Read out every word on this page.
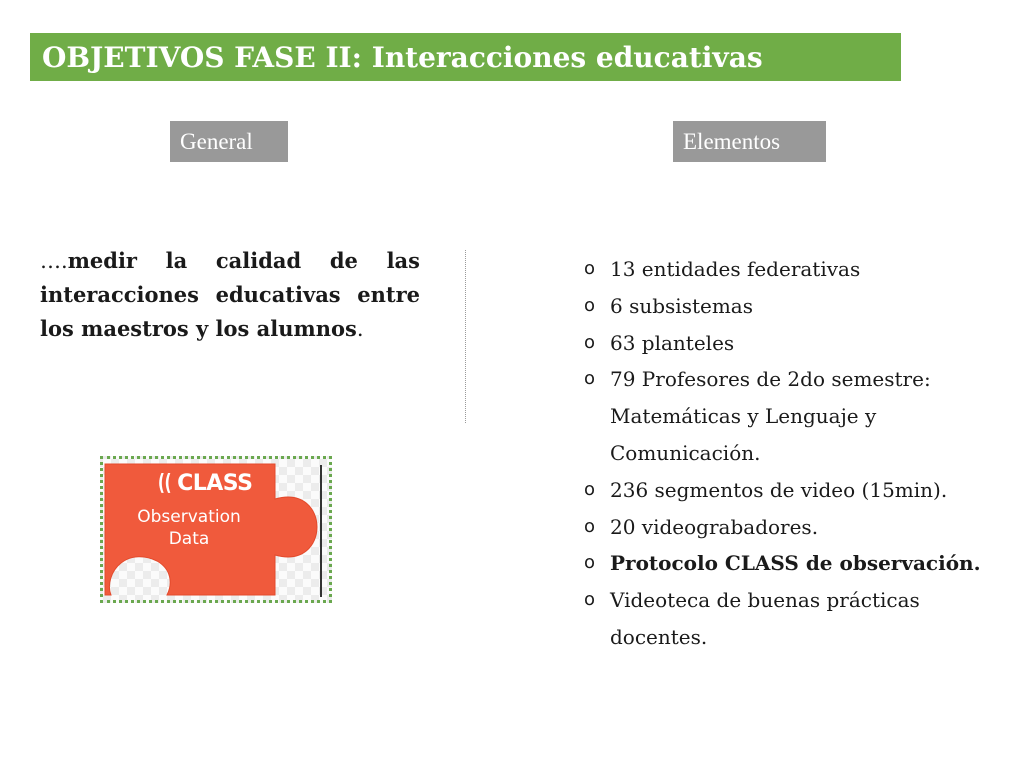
OBJETIVOS FASE II: Interacciones educativas
General	Elementos

….medir la calidad de las interacciones educativas entre los maestros y los alumnos.

(( CLASS
Observation
Data
o 13 entidades federativas
o 6 subsistemas
o 63 planteles
o 79 Profesores de 2do semestre: Matemáticas y Lenguaje y Comunicación.
o 236 segmentos de video (15min).
o 20 videograbadores.
o Protocolo CLASS de observación.
o Videoteca de buenas prácticas docentes.
